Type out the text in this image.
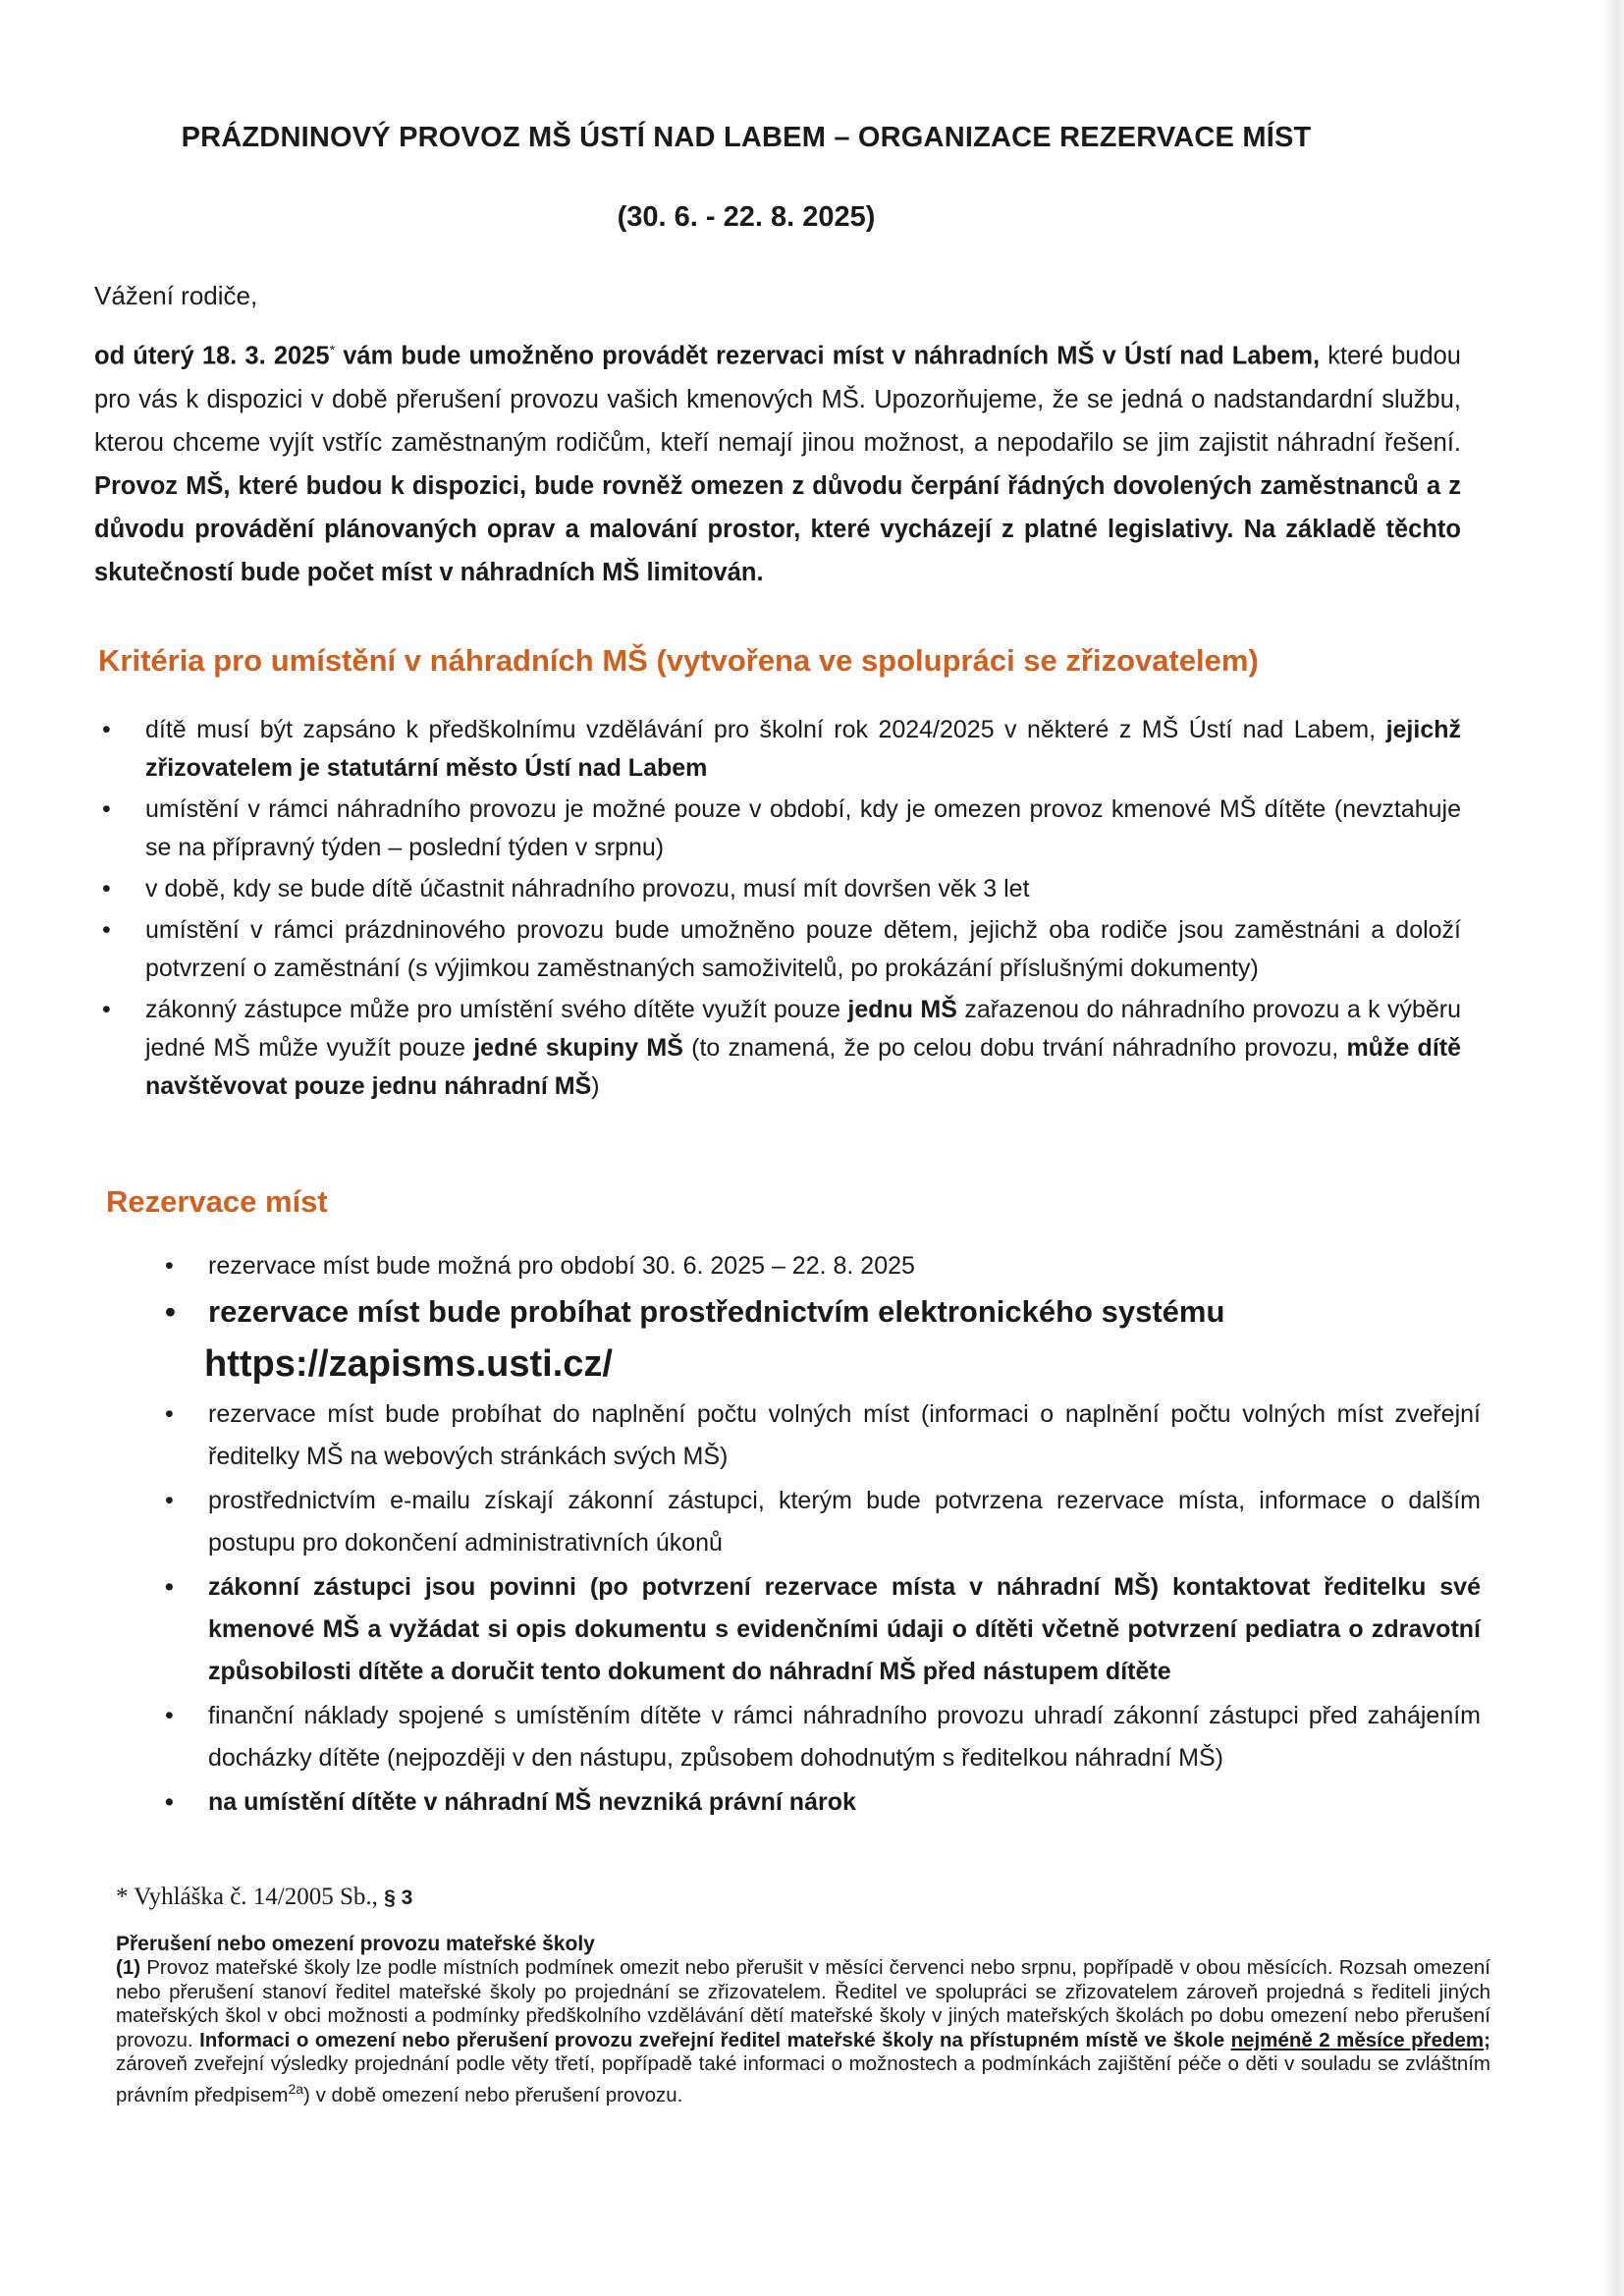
PRÁZDNINOVÝ PROVOZ MŠ ÚSTÍ NAD LABEM – ORGANIZACE REZERVACE MÍST
(30. 6. - 22. 8. 2025)
Vážení rodiče,
od úterý 18. 3. 2025* vám bude umožněno provádět rezervaci míst v náhradních MŠ v Ústí nad Labem, které budou pro vás k dispozici v době přerušení provozu vašich kmenových MŠ. Upozorňujeme, že se jedná o nadstandardní službu, kterou chceme vyjít vstříc zaměstnaným rodičům, kteří nemají jinou možnost, a nepodařilo se jim zajistit náhradní řešení. Provoz MŠ, které budou k dispozici, bude rovněž omezen z důvodu čerpání řádných dovolených zaměstnanců a z důvodu provádění plánovaných oprav a malování prostor, které vycházejí z platné legislativy. Na základě těchto skutečností bude počet míst v náhradních MŠ limitován.
Kritéria pro umístění v náhradních MŠ (vytvořena ve spolupráci se zřizovatelem)
• dítě musí být zapsáno k předškolnímu vzdělávání pro školní rok 2024/2025 v některé z MŠ Ústí nad Labem, jejichž zřizovatelem je statutární město Ústí nad Labem
• umístění v rámci náhradního provozu je možné pouze v období, kdy je omezen provoz kmenové MŠ dítěte (nevztahuje se na přípravný týden – poslední týden v srpnu)
• v době, kdy se bude dítě účastnit náhradního provozu, musí mít dovršen věk 3 let
• umístění v rámci prázdninového provozu bude umožněno pouze dětem, jejichž oba rodiče jsou zaměstnáni a doloží potvrzení o zaměstnání (s výjimkou zaměstnaných samoživitelů, po prokázání příslušnými dokumenty)
• zákonný zástupce může pro umístění svého dítěte využít pouze jednu MŠ zařazenou do náhradního provozu a k výběru jedné MŠ může využít pouze jedné skupiny MŠ (to znamená, že po celou dobu trvání náhradního provozu, může dítě navštěvovat pouze jednu náhradní MŠ)
Rezervace míst
• rezervace míst bude možná pro období 30. 6. 2025 – 22. 8. 2025
• rezervace míst bude probíhat prostřednictvím elektronického systému
https://zapisms.usti.cz/
• rezervace míst bude probíhat do naplnění počtu volných míst (informaci o naplnění počtu volných míst zveřejní ředitelky MŠ na webových stránkách svých MŠ)
• prostřednictvím e-mailu získají zákonní zástupci, kterým bude potvrzena rezervace místa, informace o dalším postupu pro dokončení administrativních úkonů
• zákonní zástupci jsou povinni (po potvrzení rezervace místa v náhradní MŠ) kontaktovat ředitelku své kmenové MŠ a vyžádat si opis dokumentu s evidenčními údaji o dítěti včetně potvrzení pediatra o zdravotní způsobilosti dítěte a doručit tento dokument do náhradní MŠ před nástupem dítěte
• finanční náklady spojené s umístěním dítěte v rámci náhradního provozu uhradí zákonní zástupci před zahájením docházky dítěte (nejpozději v den nástupu, způsobem dohodnutým s ředitelkou náhradní MŠ)
• na umístění dítěte v náhradní MŠ nevzniká právní nárok
* Vyhláška č. 14/2005 Sb., § 3
Přerušení nebo omezení provozu mateřské školy
(1) Provoz mateřské školy lze podle místních podmínek omezit nebo přerušit v měsíci červenci nebo srpnu, popřípadě v obou měsících. Rozsah omezení nebo přerušení stanoví ředitel mateřské školy po projednání se zřizovatelem. Ředitel ve spolupráci se zřizovatelem zároveň projedná s řediteli jiných mateřských škol v obci možnosti a podmínky předškolního vzdělávání dětí mateřské školy v jiných mateřských školách po dobu omezení nebo přerušení provozu. Informaci o omezení nebo přerušení provozu zveřejní ředitel mateřské školy na přístupném místě ve škole nejméně 2 měsíce předem; zároveň zveřejní výsledky projednání podle věty třetí, popřípadě také informaci o možnostech a podmínkách zajištění péče o děti v souladu se zvláštním právním předpisem$^{2a}$) v době omezení nebo přerušení provozu.
